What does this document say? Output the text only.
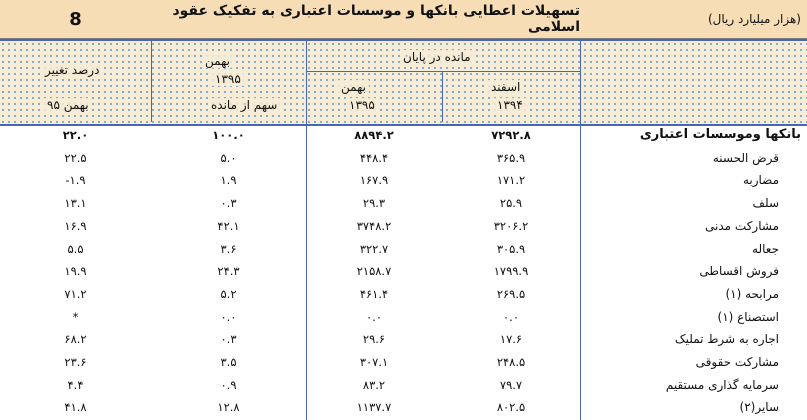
8	تسهیلات اعطایی بانکها و موسسات اعتباری به تفکیک عقود اسلامی	(هزار میلیارد ریال)
مانده در پایان
اسفند
۱۳۹۴
بهمن
۱۳۹۵
بهمن
۱۳۹۵
سهم از مانده
درصد تغییر
بهمن ۹۵
بانکها وموسسات اعتباری
۷۲۹۲.۸
۸۸۹۴.۲
۱۰۰.۰
۲۲.۰
قرض الحسنه
۳۶۵.۹
۴۴۸.۴
۵.۰
۲۲.۵
مضاربه
۱۷۱.۲
۱۶۷.۹
۱.۹
-۱.۹
سلف
۲۵.۹
۲۹.۳
۰.۳
۱۳.۱
مشارکت مدنی
۳۲۰۶.۲
۳۷۴۸.۲
۴۲.۱
۱۶.۹
جعاله
۳۰۵.۹
۳۲۲.۷
۳.۶
۵.۵
فروش اقساطی
۱۷۹۹.۹
۲۱۵۸.۷
۲۴.۳
۱۹.۹
مرابحه (۱)
۲۶۹.۵
۴۶۱.۴
۵.۲
۷۱.۲
استصناع (۱)
۰.۰
۰.۰
۰.۰
*
اجاره به شرط تملیک
۱۷.۶
۲۹.۶
۰.۳
۶۸.۲
مشارکت حقوقی
۲۴۸.۵
۳۰۷.۱
۳.۵
۲۳.۶
سرمایه گذاری مستقیم
۷۹.۷
۸۳.۲
۰.۹
۴.۴
سایر(۲)
۸۰۲.۵
۱۱۳۷.۷
۱۲.۸
۴۱.۸
